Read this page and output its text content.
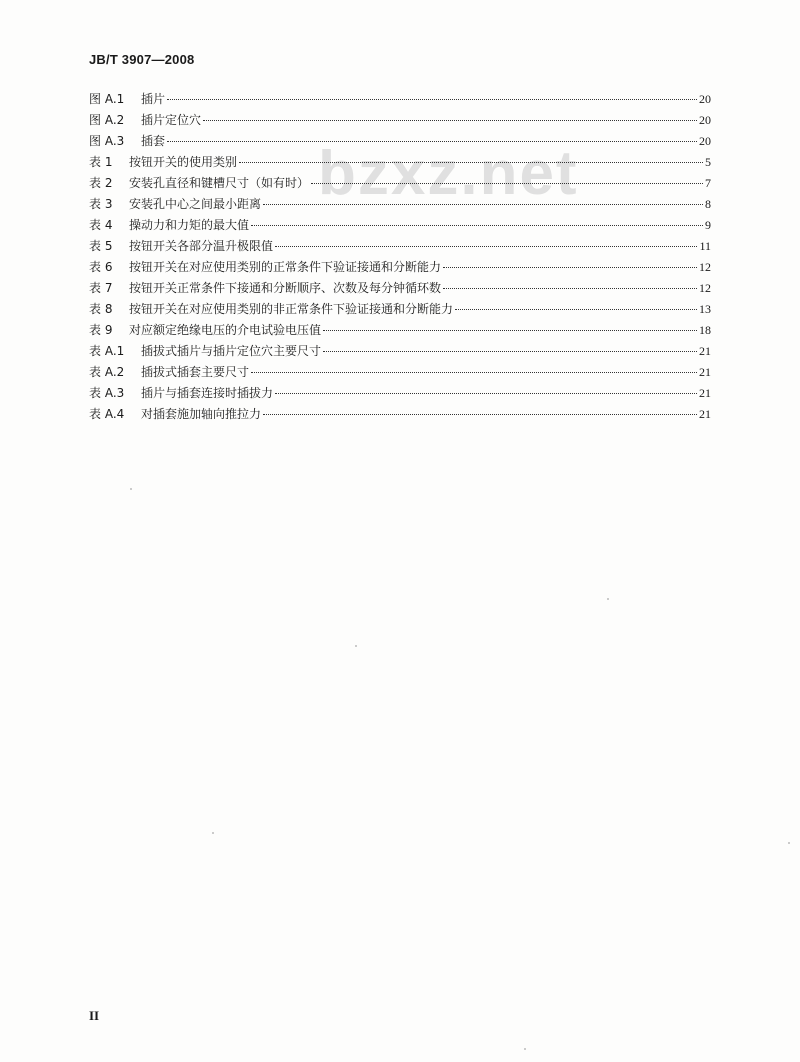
JB/T 3907—2008
bzxz.net
图 A.1 插片	20
图 A.2 插片定位穴	20
图 A.3 插套	20
表 1 按钮开关的使用类别	5
表 2 安装孔直径和键槽尺寸（如有时）	7
表 3 安装孔中心之间最小距离	8
表 4 操动力和力矩的最大值	9
表 5 按钮开关各部分温升极限值	11
表 6 按钮开关在对应使用类别的正常条件下验证接通和分断能力	12
表 7 按钮开关正常条件下接通和分断顺序、次数及每分钟循环数	12
表 8 按钮开关在对应使用类别的非正常条件下验证接通和分断能力	13
表 9 对应额定绝缘电压的介电试验电压值	18
表 A.1 插拔式插片与插片定位穴主要尺寸	21
表 A.2 插拔式插套主要尺寸	21
表 A.3 插片与插套连接时插拔力	21
表 A.4 对插套施加轴向推拉力	21
II
